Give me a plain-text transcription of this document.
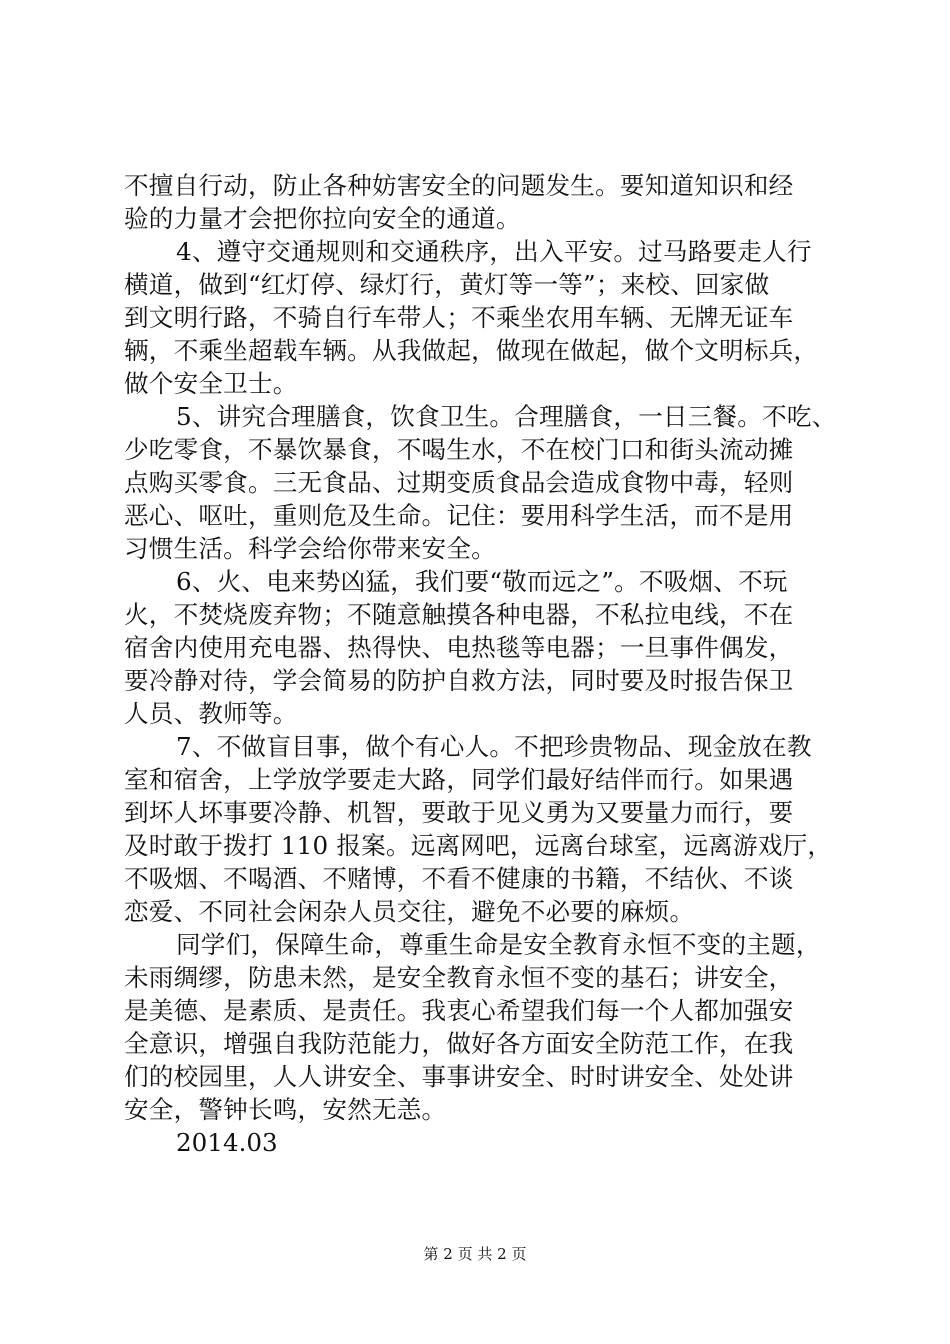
不擅自行动，防止各种妨害安全的问题发生。要知道知识和经
验的力量才会把你拉向安全的通道。
4、遵守交通规则和交通秩序，出入平安。过马路要走人行
横道，做到“红灯停、绿灯行，黄灯等一等”；来校、回家做
到文明行路，不骑自行车带人；不乘坐农用车辆、无牌无证车
辆，不乘坐超载车辆。从我做起，做现在做起，做个文明标兵，
做个安全卫士。
5、讲究合理膳食，饮食卫生。合理膳食，一日三餐。不吃、
少吃零食，不暴饮暴食，不喝生水，不在校门口和街头流动摊
点购买零食。三无食品、过期变质食品会造成食物中毒，轻则
恶心、呕吐，重则危及生命。记住：要用科学生活，而不是用
习惯生活。科学会给你带来安全。
6、火、电来势凶猛，我们要“敬而远之”。不吸烟、不玩
火，不焚烧废弃物；不随意触摸各种电器，不私拉电线，不在
宿舍内使用充电器、热得快、电热毯等电器；一旦事件偶发，
要冷静对待，学会简易的防护自救方法，同时要及时报告保卫
人员、教师等。
7、不做盲目事，做个有心人。不把珍贵物品、现金放在教
室和宿舍，上学放学要走大路，同学们最好结伴而行。如果遇
到坏人坏事要冷静、机智，要敢于见义勇为又要量力而行，要
及时敢于拨打 110 报案。远离网吧，远离台球室，远离游戏厅，
不吸烟、不喝酒、不赌博，不看不健康的书籍，不结伙、不谈
恋爱、不同社会闲杂人员交往，避免不必要的麻烦。
同学们，保障生命，尊重生命是安全教育永恒不变的主题，
未雨绸缪，防患未然，是安全教育永恒不变的基石；讲安全，
是美德、是素质、是责任。我衷心希望我们每一个人都加强安
全意识，增强自我防范能力，做好各方面安全防范工作，在我
们的校园里，人人讲安全、事事讲安全、时时讲安全、处处讲
安全，警钟长鸣，安然无恙。
2014.03
第 2 页 共 2 页
